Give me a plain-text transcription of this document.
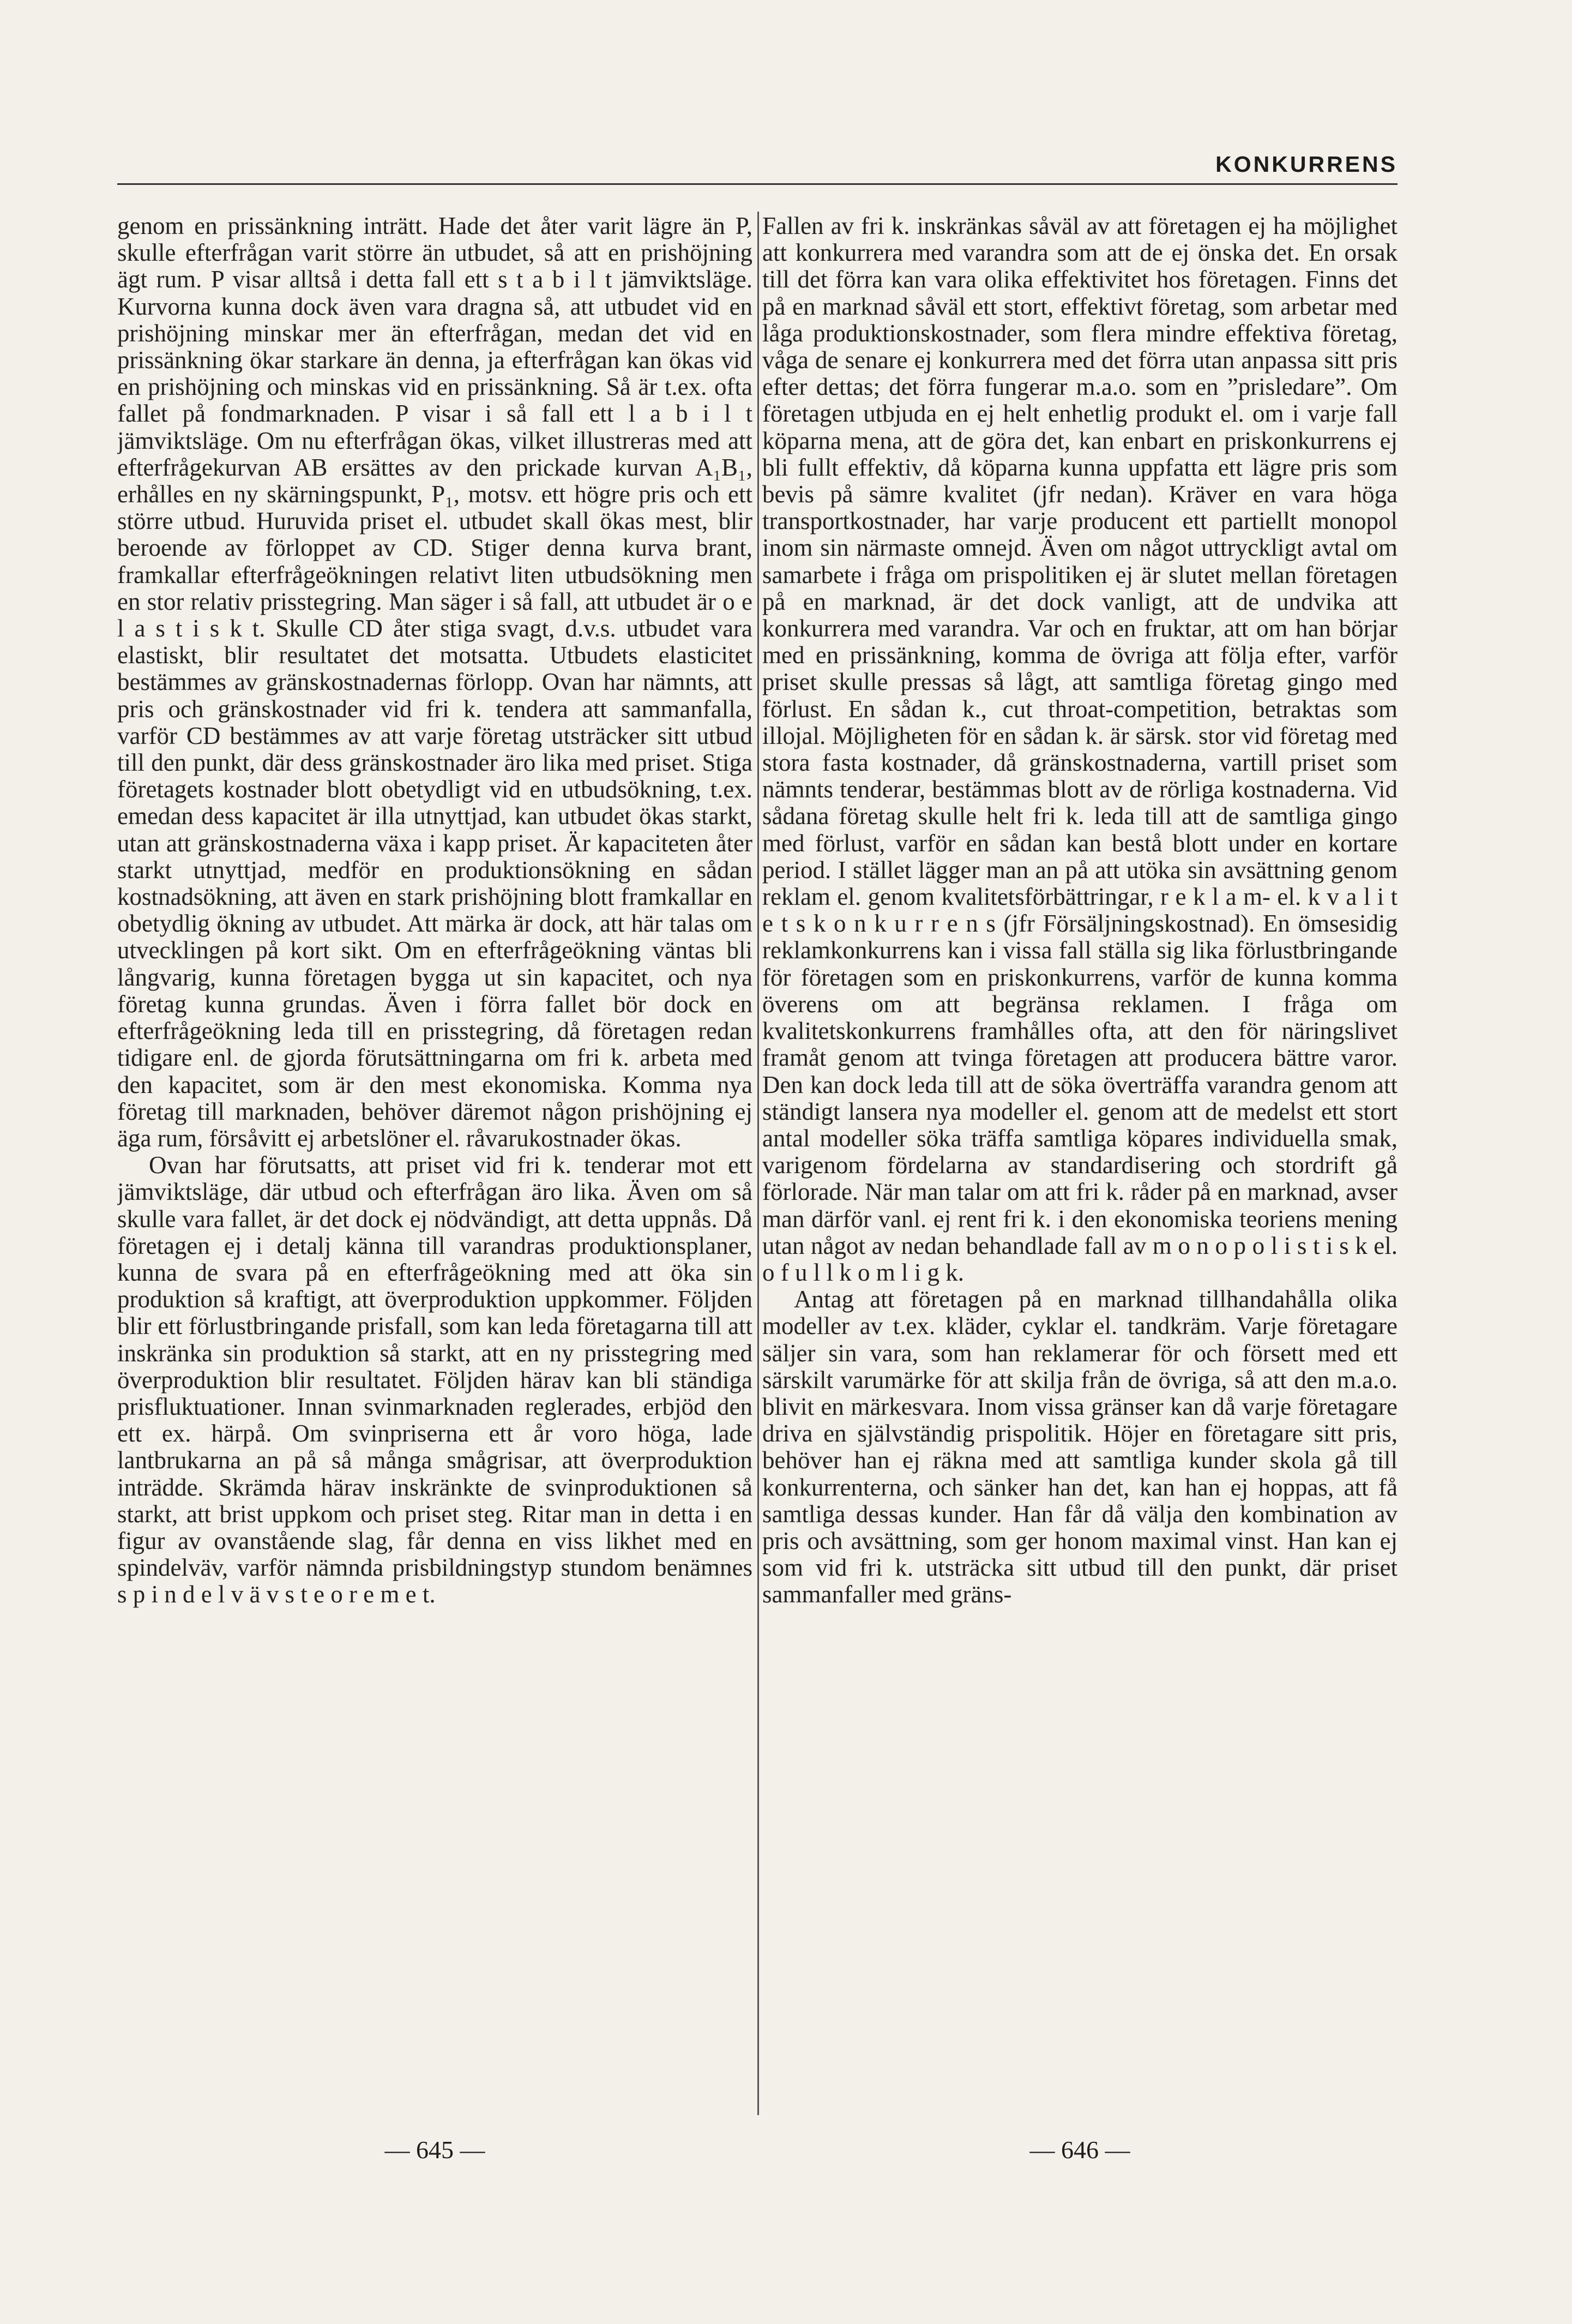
KONKURRENS

genom en prissänkning inträtt. Hade det åter varit lägre än P, skulle efterfrågan varit större än utbudet, så att en prishöjning ägt rum. P visar alltså i detta fall ett s t a b i l t jämviktsläge. Kurvorna kunna dock även vara dragna så, att utbudet vid en prishöjning minskar mer än efterfrågan, medan det vid en prissänkning ökar starkare än denna, ja efterfrågan kan ökas vid en prishöjning och minskas vid en prissänkning. Så är t.ex. ofta fallet på fondmarknaden. P visar i så fall ett l a b i l t jämviktsläge. Om nu efterfrågan ökas, vilket illustreras med att efterfrågekurvan AB ersättes av den prickade kurvan A₁B₁, erhålles en ny skärningspunkt, P₁, motsv. ett högre pris och ett större utbud. Huruvida priset el. utbudet skall ökas mest, blir beroende av förloppet av CD. Stiger denna kurva brant, framkallar efterfrågeökningen relativt liten utbudsökning men en stor relativ prisstegring. Man säger i så fall, att utbudet är o e l a s t i s k t. Skulle CD åter stiga svagt, d.v.s. utbudet vara elastiskt, blir resultatet det motsatta. Utbudets elasticitet bestämmes av gränskostnadernas förlopp. Ovan har nämnts, att pris och gränskostnader vid fri k. tendera att sammanfalla, varför CD bestämmes av att varje företag utsträcker sitt utbud till den punkt, där dess gränskostnader äro lika med priset. Stiga företagets kostnader blott obetydligt vid en utbudsökning, t.ex. emedan dess kapacitet är illa utnyttjad, kan utbudet ökas starkt, utan att gränskostnaderna växa i kapp priset. Är kapaciteten åter starkt utnyttjad, medför en produktionsökning en sådan kostnadsökning, att även en stark prishöjning blott framkallar en obetydlig ökning av utbudet. Att märka är dock, att här talas om utvecklingen på kort sikt. Om en efterfrågeökning väntas bli långvarig, kunna företagen bygga ut sin kapacitet, och nya företag kunna grundas. Även i förra fallet bör dock en efterfrågeökning leda till en prisstegring, då företagen redan tidigare enl. de gjorda förutsättningarna om fri k. arbeta med den kapacitet, som är den mest ekonomiska. Komma nya företag till marknaden, behöver däremot någon prishöjning ej äga rum, försåvitt ej arbetslöner el. råvarukostnader ökas.

Ovan har förutsatts, att priset vid fri k. tenderar mot ett jämviktsläge, där utbud och efterfrågan äro lika. Även om så skulle vara fallet, är det dock ej nödvändigt, att detta uppnås. Då företagen ej i detalj känna till varandras produktionsplaner, kunna de svara på en efterfrågeökning med att öka sin produktion så kraftigt, att överproduktion uppkommer. Följden blir ett förlustbringande prisfall, som kan leda företagarna till att inskränka sin produktion så starkt, att en ny prisstegring med överproduktion blir resultatet. Följden härav kan bli ständiga prisfluktuationer. Innan svinmarknaden reglerades, erbjöd den ett ex. härpå. Om svinpriserna ett år voro höga, lade lantbrukarna an på så många smågrisar, att överproduktion inträdde. Skrämda härav inskränkte de svinproduktionen så starkt, att brist uppkom och priset steg. Ritar man in detta i en figur av ovanstående slag, får denna en viss likhet med en spindelväv, varför nämnda prisbildningstyp stundom benämnes s p i n d e l v ä v s t e o r e m e t.

Fallen av fri k. inskränkas såväl av att företagen ej ha möjlighet att konkurrera med varandra som att de ej önska det. En orsak till det förra kan vara olika effektivitet hos företagen. Finns det på en marknad såväl ett stort, effektivt företag, som arbetar med låga produktionskostnader, som flera mindre effektiva företag, våga de senare ej konkurrera med det förra utan anpassa sitt pris efter dettas; det förra fungerar m.a.o. som en ”prisledare”. Om företagen utbjuda en ej helt enhetlig produkt el. om i varje fall köparna mena, att de göra det, kan enbart en priskonkurrens ej bli fullt effektiv, då köparna kunna uppfatta ett lägre pris som bevis på sämre kvalitet (jfr nedan). Kräver en vara höga transportkostnader, har varje producent ett partiellt monopol inom sin närmaste omnejd. Även om något uttryckligt avtal om samarbete i fråga om prispolitiken ej är slutet mellan företagen på en marknad, är det dock vanligt, att de undvika att konkurrera med varandra. Var och en fruktar, att om han börjar med en prissänkning, komma de övriga att följa efter, varför priset skulle pressas så lågt, att samtliga företag gingo med förlust. En sådan k., cut throat-competition, betraktas som illojal. Möjligheten för en sådan k. är särsk. stor vid företag med stora fasta kostnader, då gränskostnaderna, vartill priset som nämnts tenderar, bestämmas blott av de rörliga kostnaderna. Vid sådana företag skulle helt fri k. leda till att de samtliga gingo med förlust, varför en sådan kan bestå blott under en kortare period. I stället lägger man an på att utöka sin avsättning genom reklam el. genom kvalitetsförbättringar, r e k l a m- el. k v a l i t e t s k o n k u r r e n s (jfr Försäljningskostnad). En ömsesidig reklamkonkurrens kan i vissa fall ställa sig lika förlustbringande för företagen som en priskonkurrens, varför de kunna komma överens om att begränsa reklamen. I fråga om kvalitetskonkurrens framhålles ofta, att den för näringslivet framåt genom att tvinga företagen att producera bättre varor. Den kan dock leda till att de söka överträffa varandra genom att ständigt lansera nya modeller el. genom att de medelst ett stort antal modeller söka träffa samtliga köpares individuella smak, varigenom fördelarna av standardisering och stordrift gå förlorade. När man talar om att fri k. råder på en marknad, avser man därför vanl. ej rent fri k. i den ekonomiska teoriens mening utan något av nedan behandlade fall av m o n o p o l i s t i s k el. o f u l l k o m l i g k.

Antag att företagen på en marknad tillhandahålla olika modeller av t.ex. kläder, cyklar el. tandkräm. Varje företagare säljer sin vara, som han reklamerar för och försett med ett särskilt varumärke för att skilja från de övriga, så att den m.a.o. blivit en märkesvara. Inom vissa gränser kan då varje företagare driva en självständig prispolitik. Höjer en företagare sitt pris, behöver han ej räkna med att samtliga kunder skola gå till konkurrenterna, och sänker han det, kan han ej hoppas, att få samtliga dessas kunder. Han får då välja den kombination av pris och avsättning, som ger honom maximal vinst. Han kan ej som vid fri k. utsträcka sitt utbud till den punkt, där priset sammanfaller med gräns-

— 645 —	— 646 —
